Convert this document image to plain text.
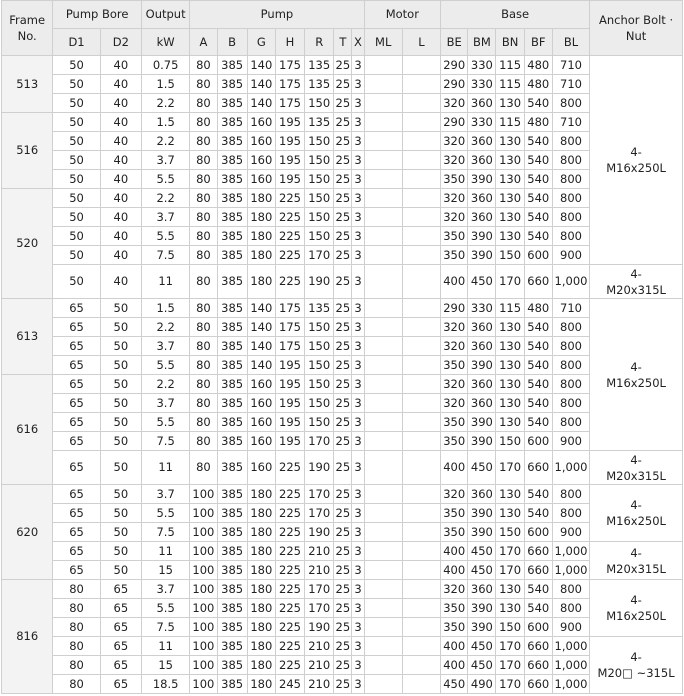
Frame No.	Pump Bore		Output	Pump							Motor		Base					Anchor Bolt · Nut
	D1	D2	kW	A	B	G	H	R	T	X	ML	L	BE	BM	BN	BF	BL	
513	50	40	0.75	80	385	140	175	135	25	3			290	330	115	480	710	4-
M16x250L

	50	40	1.5	80	385	140	175	135	25	3			290	330	115	480	710	
	50	40	2.2	80	385	140	175	150	25	3			320	360	130	540	800	
516	50	40	1.5	80	385	160	195	135	25	3			290	330	115	480	710	
	50	40	2.2	80	385	160	195	150	25	3			320	360	130	540	800	
	50	40	3.7	80	385	160	195	150	25	3			320	360	130	540	800	
	50	40	5.5	80	385	160	195	150	25	3			350	390	130	540	800	
520	50	40	2.2	80	385	180	225	150	25	3			320	360	130	540	800	
	50	40	3.7	80	385	180	225	150	25	3			320	360	130	540	800	
	50	40	5.5	80	385	180	225	150	25	3			350	390	130	540	800	
	50	40	7.5	80	385	180	225	170	25	3			350	390	150	600	900	
	50	40	11	80	385	180	225	190	25	3			400	450	170	660	1,000	4-
M20x315L

613	65	50	1.5	80	385	140	175	135	25	3			290	330	115	480	710	4-
M16x250L

	65	50	2.2	80	385	140	175	150	25	3			320	360	130	540	800	
	65	50	3.7	80	385	140	175	150	25	3			320	360	130	540	800	
	65	50	5.5	80	385	140	195	150	25	3			350	390	130	540	800	
616	65	50	2.2	80	385	160	195	150	25	3			320	360	130	540	800	
	65	50	3.7	80	385	160	195	150	25	3			320	360	130	540	800	
	65	50	5.5	80	385	160	195	150	25	3			350	390	130	540	800	
	65	50	7.5	80	385	160	195	170	25	3			350	390	150	600	900	
	65	50	11	80	385	160	225	190	25	3			400	450	170	660	1,000	4-
M20x315L

620	65	50	3.7	100	385	180	225	170	25	3			320	360	130	540	800	4-
M16x250L

	65	50	5.5	100	385	180	225	170	25	3			350	390	130	540	800	
	65	50	7.5	100	385	180	225	190	25	3			350	390	150	600	900	
	65	50	11	100	385	180	225	210	25	3			400	450	170	660	1,000	4-
M20x315L

	65	50	15	100	385	180	225	210	25	3			400	450	170	660	1,000	
816	80	65	3.7	100	385	180	225	170	25	3			320	360	130	540	800	4-
M16x250L

	80	65	5.5	100	385	180	225	170	25	3			350	390	130	540	800	
	80	65	7.5	100	385	180	225	190	25	3			350	390	150	600	900	
	80	65	11	100	385	180	225	210	25	3			400	450	170	660	1,000	4-
M20□ ~315L

	80	65	15	100	385	180	225	210	25	3			400	450	170	660	1,000	
	80	65	18.5	100	385	180	245	210	25	3			450	490	170	660	1,000	
